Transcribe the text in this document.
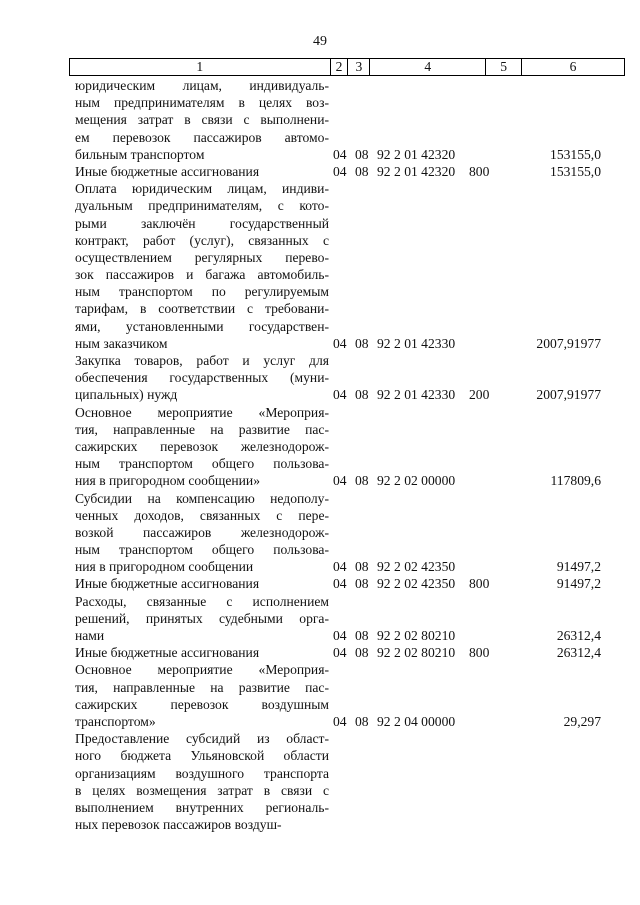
49
1	2 3	4	5	6
юридическим лицам, индивидуаль-
ным предпринимателям в целях воз-
мещения затрат в связи с выполнени-
ем перевозок пассажиров автомо-
бильным транспортом	04 08 92 2 01 42320	153155,0
Иные бюджетные ассигнования	04 08 92 2 01 42320 800	153155,0
Оплата юридическим лицам, индиви-
дуальным предпринимателям, с кото-
рыми заключён государственный
контракт, работ (услуг), связанных с
осуществлением регулярных перево-
зок пассажиров и багажа автомобиль-
ным транспортом по регулируемым
тарифам, в соответствии с требовани-
ями, установленными государствен-
ным заказчиком	04 08 92 2 01 42330	2007,91977
Закупка товаров, работ и услуг для
обеспечения государственных (муни-
ципальных) нужд	04 08 92 2 01 42330 200	2007,91977
Основное мероприятие «Мероприя-
тия, направленные на развитие пас-
сажирских перевозок железнодорож-
ным транспортом общего пользова-
ния в пригородном сообщении»	04 08 92 2 02 00000	117809,6
Субсидии на компенсацию недополу-
ченных доходов, связанных с пере-
возкой пассажиров железнодорож-
ным транспортом общего пользова-
ния в пригородном сообщении	04 08 92 2 02 42350	91497,2
Иные бюджетные ассигнования	04 08 92 2 02 42350 800	91497,2
Расходы, связанные с исполнением
решений, принятых судебными орга-
нами	04 08 92 2 02 80210	26312,4
Иные бюджетные ассигнования	04 08 92 2 02 80210 800	26312,4
Основное мероприятие «Мероприя-
тия, направленные на развитие пас-
сажирских перевозок воздушным
транспортом»	04 08 92 2 04 00000	29,297
Предоставление субсидий из област-
ного бюджета Ульяновской области
организациям воздушного транспорта
в целях возмещения затрат в связи с
выполнением внутренних региональ-
ных перевозок пассажиров воздуш-
